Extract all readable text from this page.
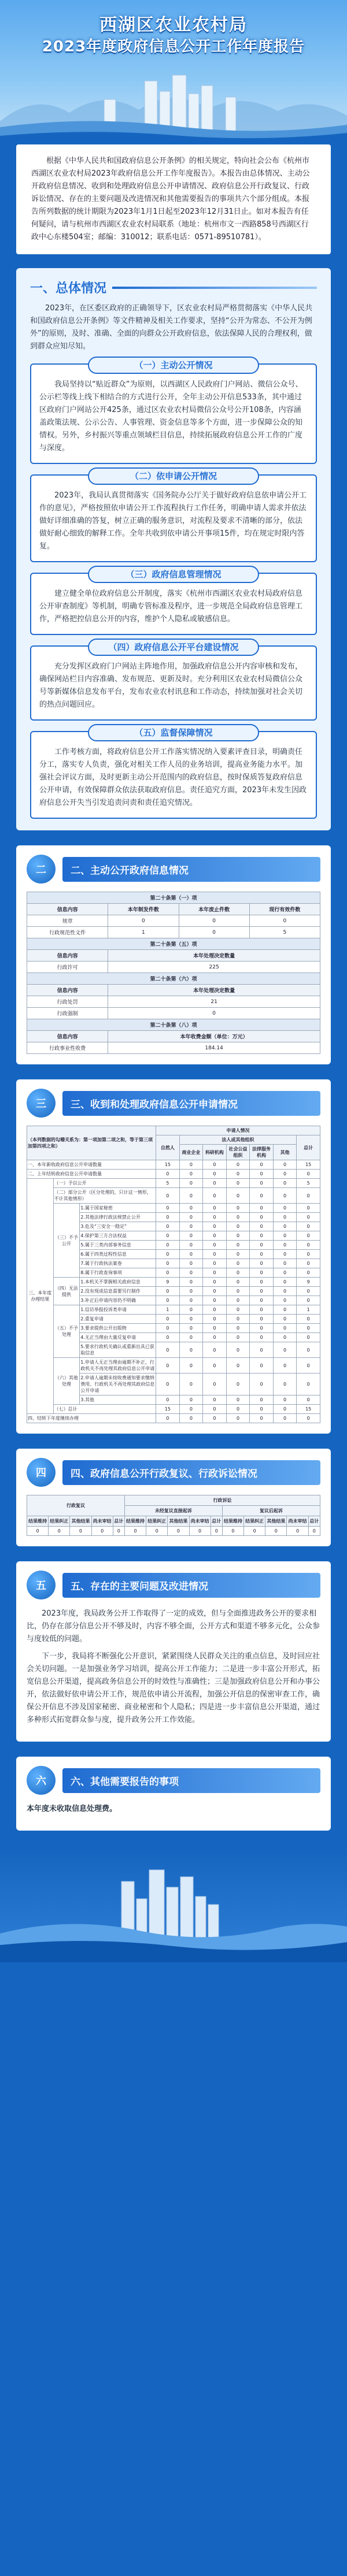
西湖区农业农村局
2023年度政府信息公开工作年度报告

根据《中华人民共和国政府信息公开条例》的相关规定，特向社会公布《杭州市西湖区农业农村局2023年政府信息公开工作年度报告》。本报告由总体情况、主动公开政府信息情况、收到和处理政府信息公开申请情况、政府信息公开行政复议、行政诉讼情况、存在的主要问题及改进情况和其他需要报告的事项共六个部分组成。本报告所列数据的统计期限为2023年1月1日起至2023年12月31日止。如对本报告有任何疑问，请与杭州市西湖区农业农村局联系（地址：杭州市文一西路858号西湖区行政中心东楼504室；邮编：310012；联系电话：0571-89510781）。

一、总体情况

2023年，在区委区政府的正确领导下，区农业农村局严格贯彻落实《中华人民共和国政府信息公开条例》等文件精神及相关工作要求，坚持“公开为常态、不公开为例外”的原则，及时、准确、全面的向群众公开政府信息，依法保障人民的合理权利，做到群众应知尽知。

（一）主动公开情况

我局坚持以“贴近群众”为原则，以西湖区人民政府门户网站、微信公众号、公示栏等线上线下相结合的方式进行公开，全年主动公开信息533条，其中通过区政府门户网站公开425条，通过区农业农村局微信公众号公开108条，内容涵盖政策法规、公示公告、人事管理、资金信息等多个方面，进一步保障公众的知情权。另外，乡村振兴等重点领域栏目信息，持续拓展政府信息公开工作的广度与深度。

（二）依申请公开情况

2023年，我局认真贯彻落实《国务院办公厅关于做好政府信息依申请公开工作的意见》，严格按照依申请公开工作流程执行工作任务，明确申请人需求并依法做好详细准确的答复，树立正确的服务意识，对流程及要求不清晰的部分，依法做好耐心细致的解释工作。全年共收到依申请公开事项15件，均在规定时限内答复。

（三）政府信息管理情况

建立健全单位政府信息公开制度，落实《杭州市西湖区农业农村局政府信息公开审查制度》等机制，明确专管标准及程序，进一步规范全局政府信息管理工作，严格把控信息公开的内容，维护个人隐私或敏感信息。

（四）政府信息公开平台建设情况

充分发挥区政府门户网站主阵地作用，加强政府信息公开内容审核和发布，确保网站栏目内容准确、发布规范、更新及时。充分利用区农业农村局微信公众号等新媒体信息发布平台，发布农业农村讯息和工作动态，持续加强对社会关切的热点问题回应。

（五）监督保障情况

工作考核方面，将政府信息公开工作落实情况纳入要素评查目录，明确责任分工，落实专人负责，强化对相关工作人员的业务培训，提高业务能力水平。加强社会评议方面，及时更新主动公开范围内的政府信息，按时保质答复政府信息公开申请，有效保障群众依法获取政府信息。责任追究方面，2023年未发生因政府信息公开失当引发追责问责和责任追究情况。

二	二、主动公开政府信息情况
第二十条第（一）项			
信息内容	本年制发件数	本年废止件数	现行有效件数
规章	0	0	0
行政规范性文件	1	0	5
第二十条第（五）项			
信息内容	本年处理决定数量		
行政许可	225		
第二十条第（六）项			
信息内容	本年处理决定数量		
行政处罚	21		
行政强制	0		
第二十条第（八）项			
信息内容	本年收费金额（单位：万元）		
行政事业性收费	184.14		
三	三、收到和处理政府信息公开申请情况
（本列数据的勾稽关系为：第一项加第二项之和，等于第三项加第四项之和）			申请人情况						
			自然人	法人或其他组织					总计
				商业企业	科研机构	社会公益组织	法律服务机构	其他	
一、本年新收政府信息公开申请数量			15	0	0	0	0	0	15
二、上年结转政府信息公开申请数量			0	0	0	0	0	0	0
三、本年度办理结果	（一）予以公开		5	0	0	0	0	0	5
	（二）部分公开（区分处理的，只计这一情形，不计其他情形）		0	0	0	0	0	0	0
	（三）不予公开	1.属于国家秘密	0	0	0	0	0	0	0
		2.其他法律行政法规禁止公开	0	0	0	0	0	0	0
		3.危及“三安全一稳定”	0	0	0	0	0	0	0
		4.保护第三方合法权益	0	0	0	0	0	0	0
		5.属于三类内部事务信息	0	0	0	0	0	0	0
		6.属于四类过程性信息	0	0	0	0	0	0	0
		7.属于行政执法案卷	0	0	0	0	0	0	0
		8.属于行政查询事项	0	0	0	0	0	0	0
	（四）无法提供	1.本机关不掌握相关政府信息	9	0	0	0	0	0	9
		2.没有现成信息需要另行制作	0	0	0	0	0	0	0
		3.补正后申请内容仍不明确	0	0	0	0	0	0	0
	（五）不予处理	1.信访举报投诉类申请	1	0	0	0	0	0	1
		2.重复申请	0	0	0	0	0	0	0
		3.要求提供公开出版物	0	0	0	0	0	0	0
		4.无正当理由大量反复申请	0	0	0	0	0	0	0
		5.要求行政机关确认或重新出具已获取信息	0	0	0	0	0	0	0
	（六）其他处理	1.申请人无正当理由逾期不补正、行政机关不再处理其政府信息公开申请	0	0	0	0	0	0	0
		2.申请人逾期未按收费通知要求缴纳费用、行政机关不再处理其政府信息公开申请	0	0	0	0	0	0	0
		3.其他	0	0	0	0	0	0	0
	（七）总计		15	0	0	0	0	0	15
四、结转下年度继续办理			0	0	0	0	0	0	0
四	四、政府信息公开行政复议、行政诉讼情况
行政复议					行政诉讼									
					未经复议直接起诉					复议后起诉				
结果维持	结果纠正	其他结果	尚未审结	总计	结果维持	结果纠正	其他结果	尚未审结	总计	结果维持	结果纠正	其他结果	尚未审结	总计
0	0	0	0	0	0	0	0	0	0	0	0	0	0	0
五	五、存在的主要问题及改进情况

2023年度，我局政务公开工作取得了一定的成效，但与全面推进政务公开的要求相比，仍存在部分信息公开不够及时，内容不够全面，公开方式和渠道不够多元化，公众参与度较低的问题。

下一步，我局将不断强化公开意识，紧紧围绕人民群众关注的重点信息，及时回应社会关切问题。一是加强业务学习培训，提高公开工作能力；二是进一步丰富公开形式，拓宽信息公开渠道，提高政务信息公开的时效性与准确性；三是加强政府信息公开和办事公开，依法做好依申请公开工作，规范依申请公开流程，加强公开信息的保密审查工作，确保公开信息不涉及国家秘密、商业秘密和个人隐私；四是进一步丰富信息公开渠道，通过多种形式拓宽群众参与度，提升政务公开工作效能。

六	六、其他需要报告的事项

本年度未收取信息处理费。
